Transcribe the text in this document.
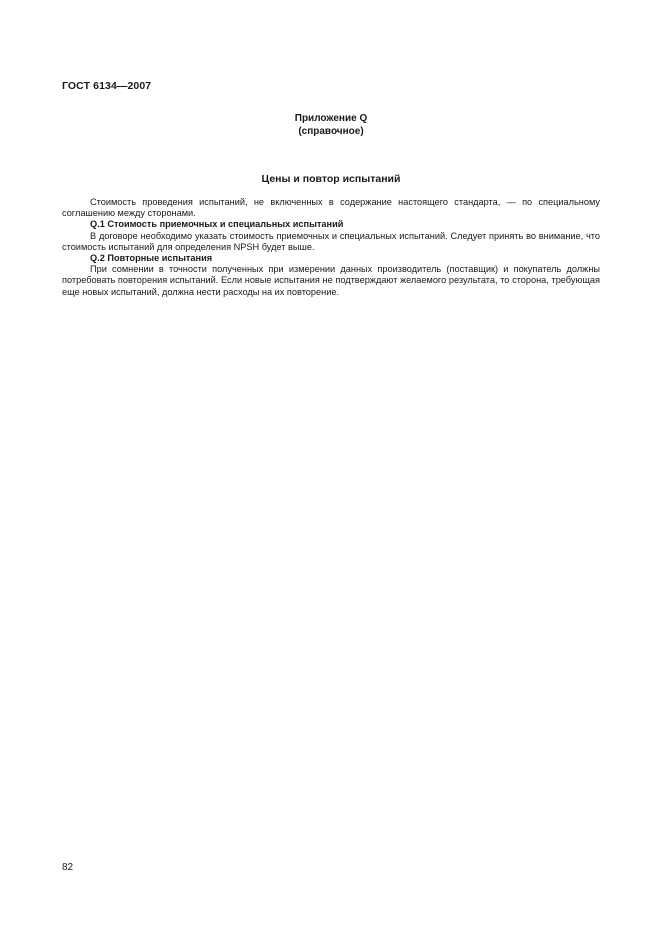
ГОСТ 6134—2007
Приложение Q
(справочное)
Цены и повтор испытаний

Стоимость проведения испытаний, не включенных в содержание настоящего стандарта, — по специальному соглашению между сторонами.

Q.1 Стоимость приемочных и специальных испытаний

В договоре необходимо указать стоимость приемочных и специальных испытаний. Следует принять во внимание, что стоимость испытаний для определения NPSH будет выше.

Q.2 Повторные испытания

При сомнении в точности полученных при измерении данных производитель (поставщик) и покупатель должны потребовать повторения испытаний. Если новые испытания не подтверждают желаемого результата, то сторона, требующая еще новых испытаний, должна нести расходы на их повторение.

82
